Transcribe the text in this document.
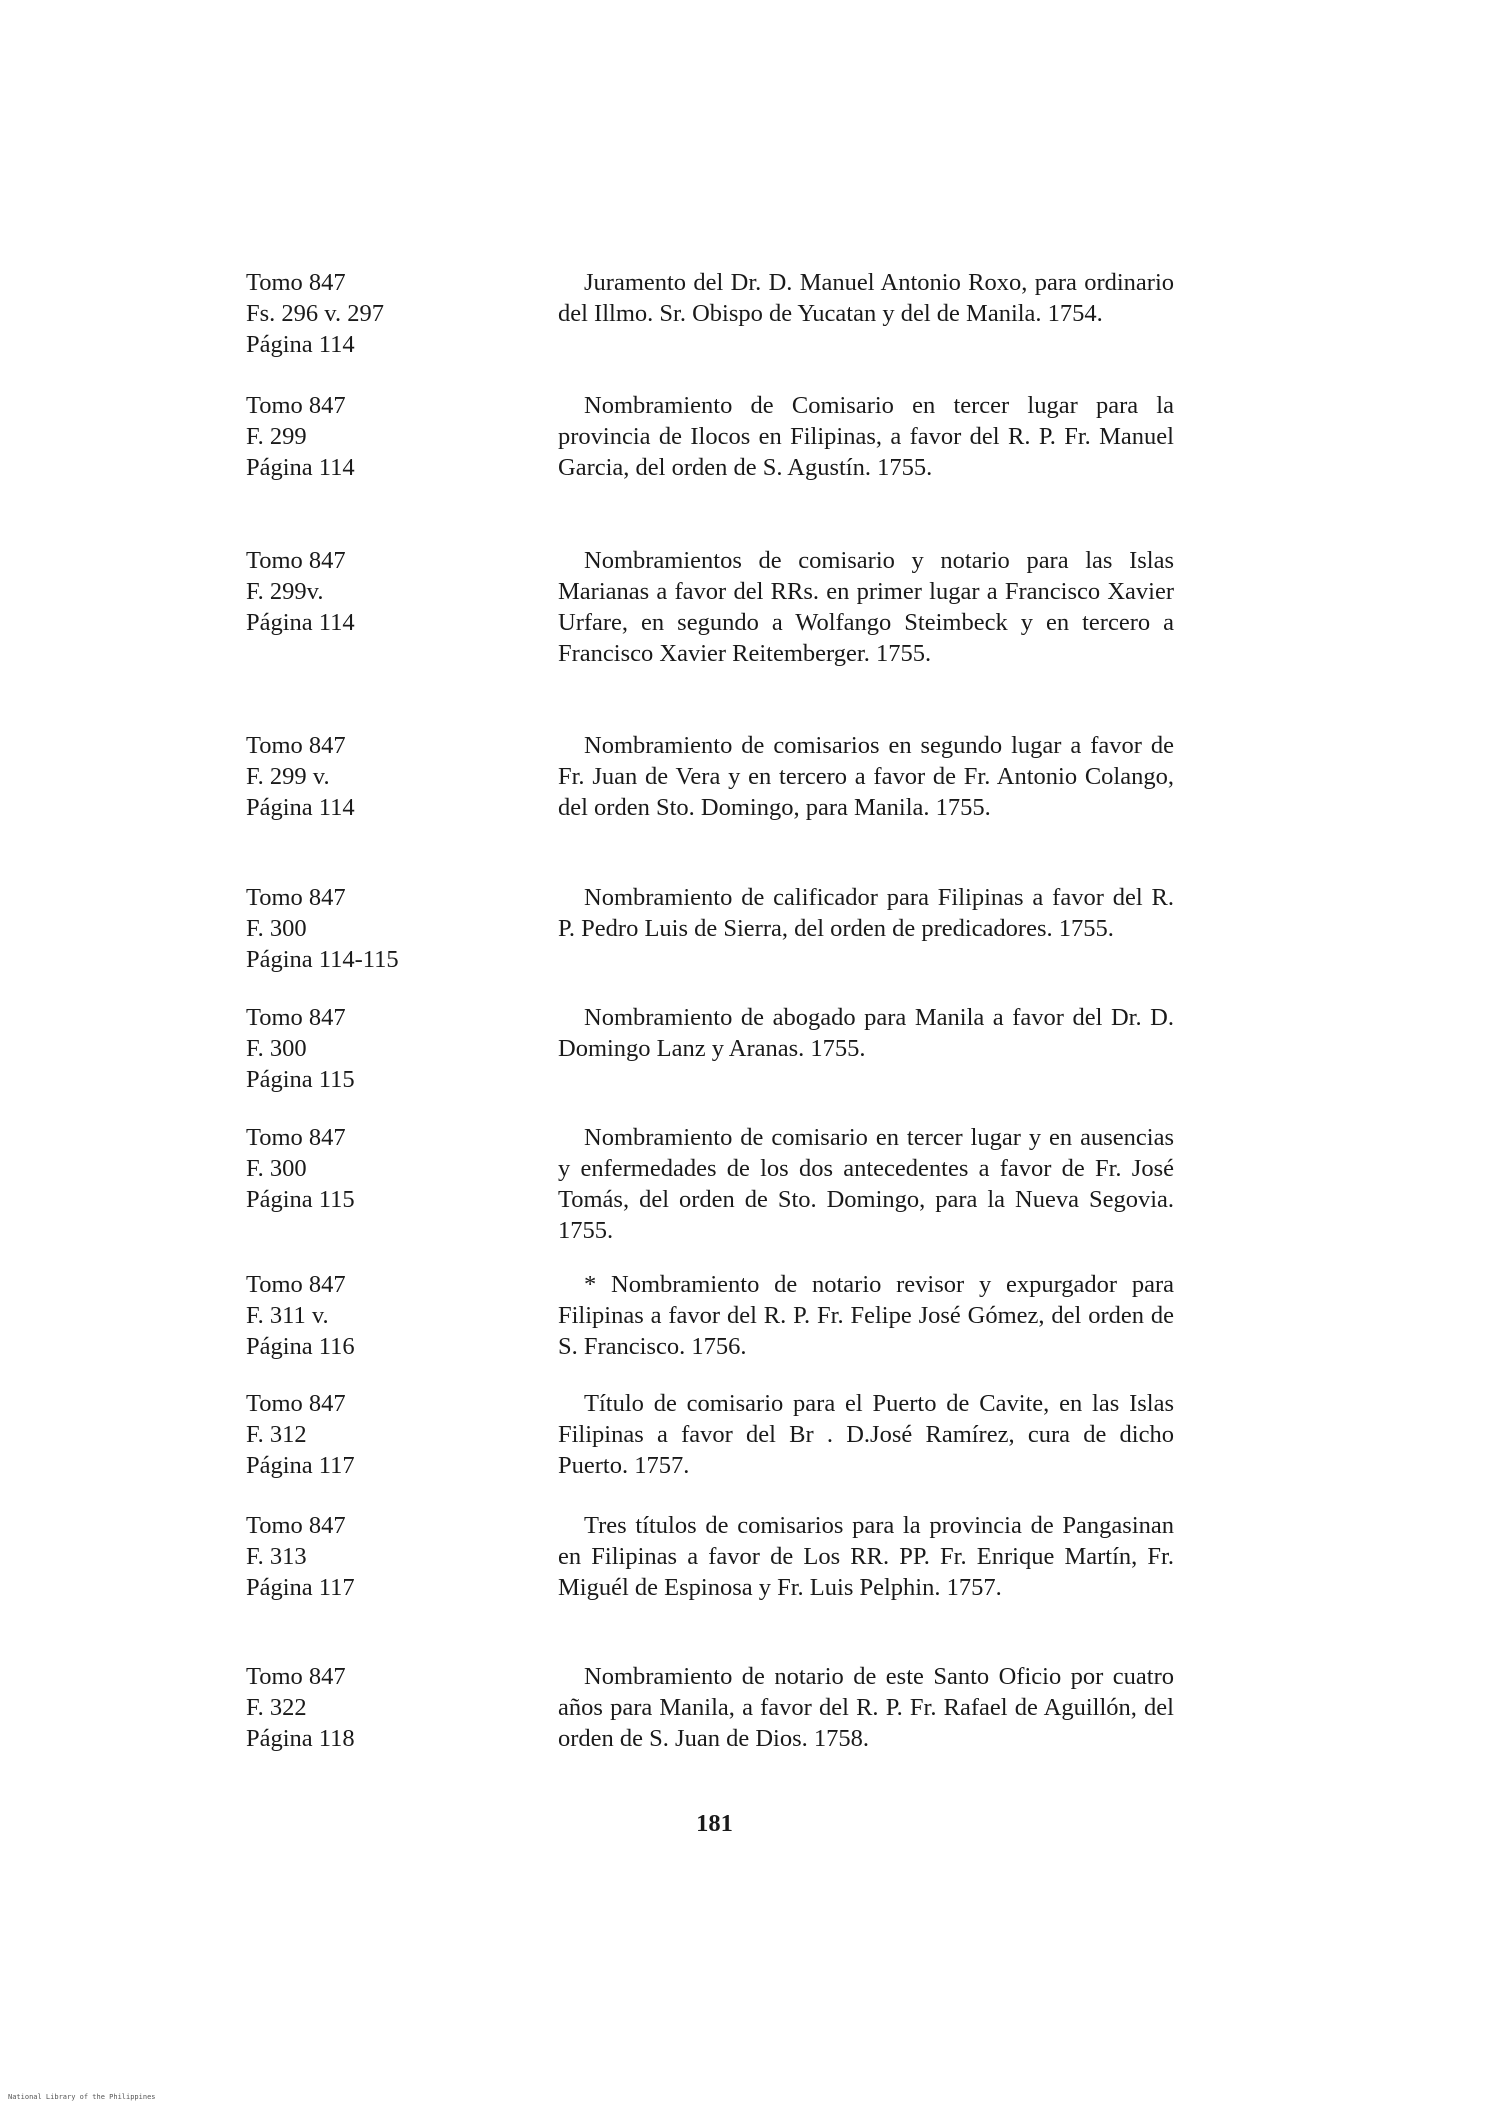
Tomo 847
Fs. 296 v. 297
Página 114

Juramento del Dr. D. Manuel Antonio Roxo, para ordinario del Illmo. Sr. Obispo de Yucatan y del de Manila. 1754.

Tomo 847
F. 299
Página 114

Nombramiento de Comisario en tercer lugar para la provincia de Ilocos en Filipinas, a favor del R. P. Fr. Manuel Garcia, del orden de S. Agustín. 1755.

Tomo 847
F. 299v.
Página 114

Nombramientos de comisario y notario para las Islas Marianas a favor del RRs. en primer lugar a Francisco Xavier Urfare, en segundo a Wolfango Steimbeck y en tercero a Francisco Xavier Reitemberger. 1755.

Tomo 847
F. 299 v.
Página 114

Nombramiento de comisarios en segundo lugar a favor de Fr. Juan de Vera y en tercero a favor de Fr. Antonio Colango, del orden Sto. Domingo, para Manila. 1755.

Tomo 847
F. 300
Página 114-115

Nombramiento de calificador para Filipinas a favor del R. P. Pedro Luis de Sierra, del orden de predicadores. 1755.

Tomo 847
F. 300
Página 115

Nombramiento de abogado para Manila a favor del Dr. D. Domingo Lanz y Aranas. 1755.

Tomo 847
F. 300
Página 115

Nombramiento de comisario en tercer lugar y en ausencias y enfermedades de los dos antecedentes a favor de Fr. José Tomás, del orden de Sto. Domingo, para la Nueva Segovia. 1755.

Tomo 847
F. 311 v.
Página 116

* Nombramiento de notario revisor y expurgador para Filipinas a favor del R. P. Fr. Felipe José Gómez, del orden de S. Francisco. 1756.

Tomo 847
F. 312
Página 117

Título de comisario para el Puerto de Cavite, en las Islas Filipinas a favor del Br . D.José Ramírez, cura de dicho Puerto. 1757.

Tomo 847
F. 313
Página 117

Tres títulos de comisarios para la provincia de Pangasinan en Filipinas a favor de Los RR. PP. Fr. Enrique Martín, Fr. Miguél de Espinosa y Fr. Luis Pelphin. 1757.

Tomo 847
F. 322
Página 118

Nombramiento de notario de este Santo Oficio por cuatro años para Manila, a favor del R. P. Fr. Rafael de Aguillón, del orden de S. Juan de Dios. 1758.

181
National Library of the Philippines
